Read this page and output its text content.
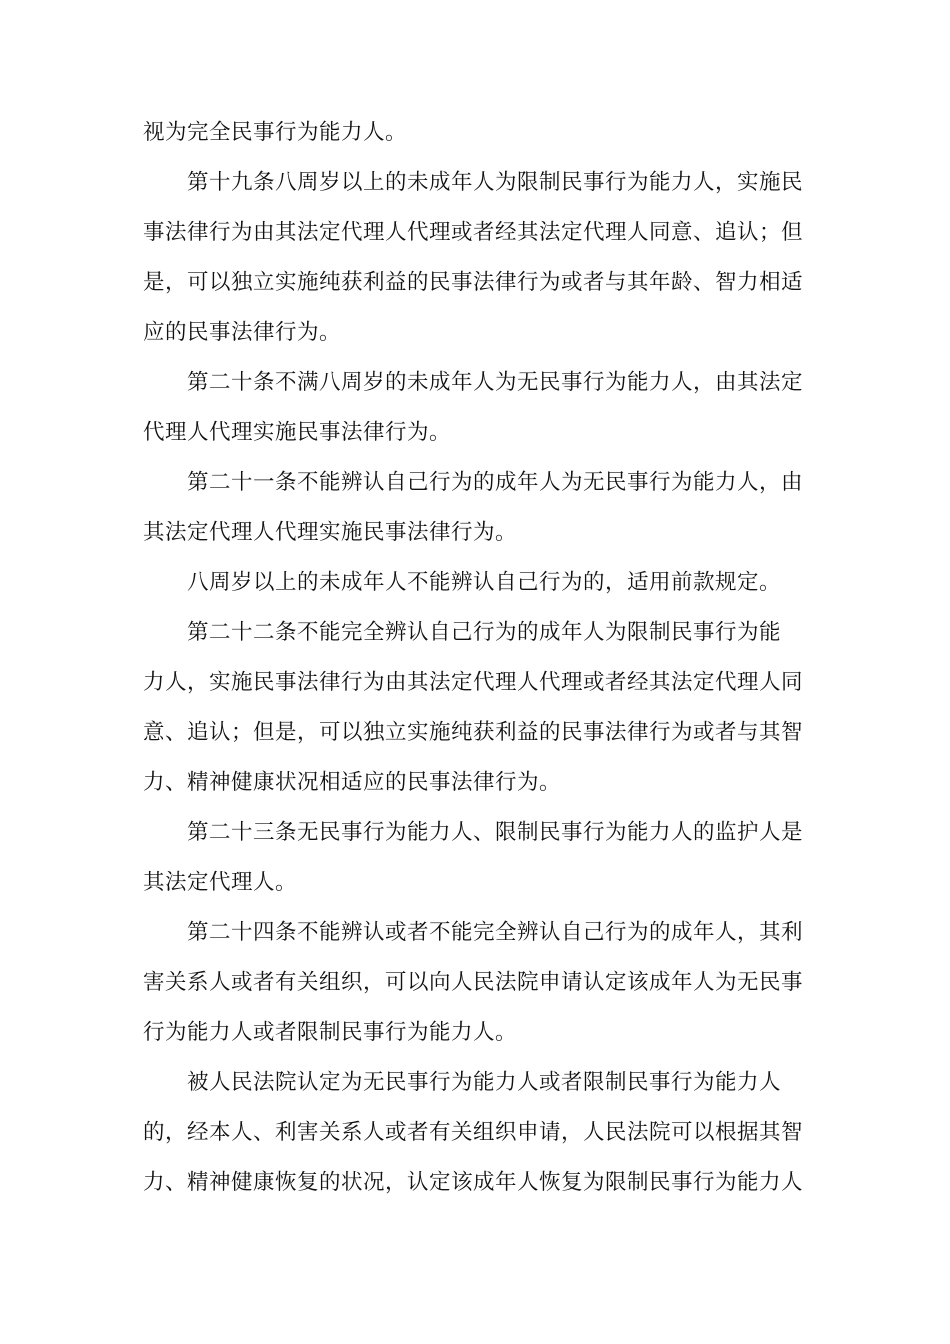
视为完全民事行为能力人。
第十九条八周岁以上的未成年人为限制民事行为能力人，实施民
事法律行为由其法定代理人代理或者经其法定代理人同意、追认；但
是，可以独立实施纯获利益的民事法律行为或者与其年龄、智力相适
应的民事法律行为。
第二十条不满八周岁的未成年人为无民事行为能力人，由其法定
代理人代理实施民事法律行为。
第二十一条不能辨认自己行为的成年人为无民事行为能力人，由
其法定代理人代理实施民事法律行为。
八周岁以上的未成年人不能辨认自己行为的，适用前款规定。
第二十二条不能完全辨认自己行为的成年人为限制民事行为能
力人，实施民事法律行为由其法定代理人代理或者经其法定代理人同
意、追认；但是，可以独立实施纯获利益的民事法律行为或者与其智
力、精神健康状况相适应的民事法律行为。
第二十三条无民事行为能力人、限制民事行为能力人的监护人是
其法定代理人。
第二十四条不能辨认或者不能完全辨认自己行为的成年人，其利
害关系人或者有关组织，可以向人民法院申请认定该成年人为无民事
行为能力人或者限制民事行为能力人。
被人民法院认定为无民事行为能力人或者限制民事行为能力人
的，经本人、利害关系人或者有关组织申请，人民法院可以根据其智
力、精神健康恢复的状况，认定该成年人恢复为限制民事行为能力人
